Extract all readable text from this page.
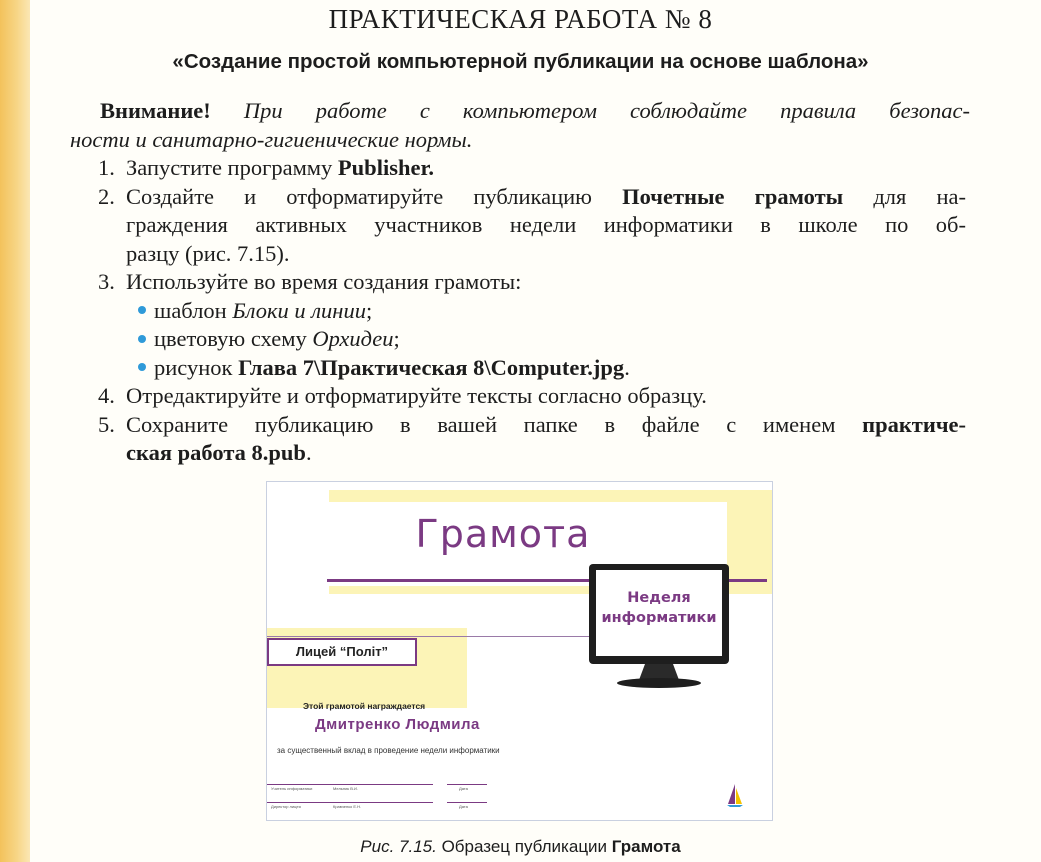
ПРАКТИЧЕСКАЯ РАБОТА № 8
«Создание простой компьютерной публикации на основе шаблона»
Внимание! При работе с компьютером соблюдайте правила безопас-
ности и санитарно-гигиенические нормы.
1. Запустите программу Publisher.
2. Создайте и отформатируйте публикацию Почетные грамоты для на-
граждения активных участников недели информатики в школе по об-
разцу (рис. 7.15).
3. Используйте во время создания грамоты:
шаблон Блоки и линии;
цветовую схему Орхидеи;
рисунок Глава 7\Практическая 8\Computer.jpg.
4. Отредактируйте и отформатируйте тексты согласно образцу.
5. Сохраните публикацию в вашей папке в файле с именем практиче-
ская работа 8.pub.
Грамота
Лицей “Політ”
Неделя
информатики
Этой грамотой награждается
Дмитренко Людмила
за существенный вклад в проведение недели информатики
Учитель информатики	Мельник В.И.	Дата
Директор лицея	Кравченко Е.Н.	Дата
Рис. 7.15. Образец публикации Грамота
